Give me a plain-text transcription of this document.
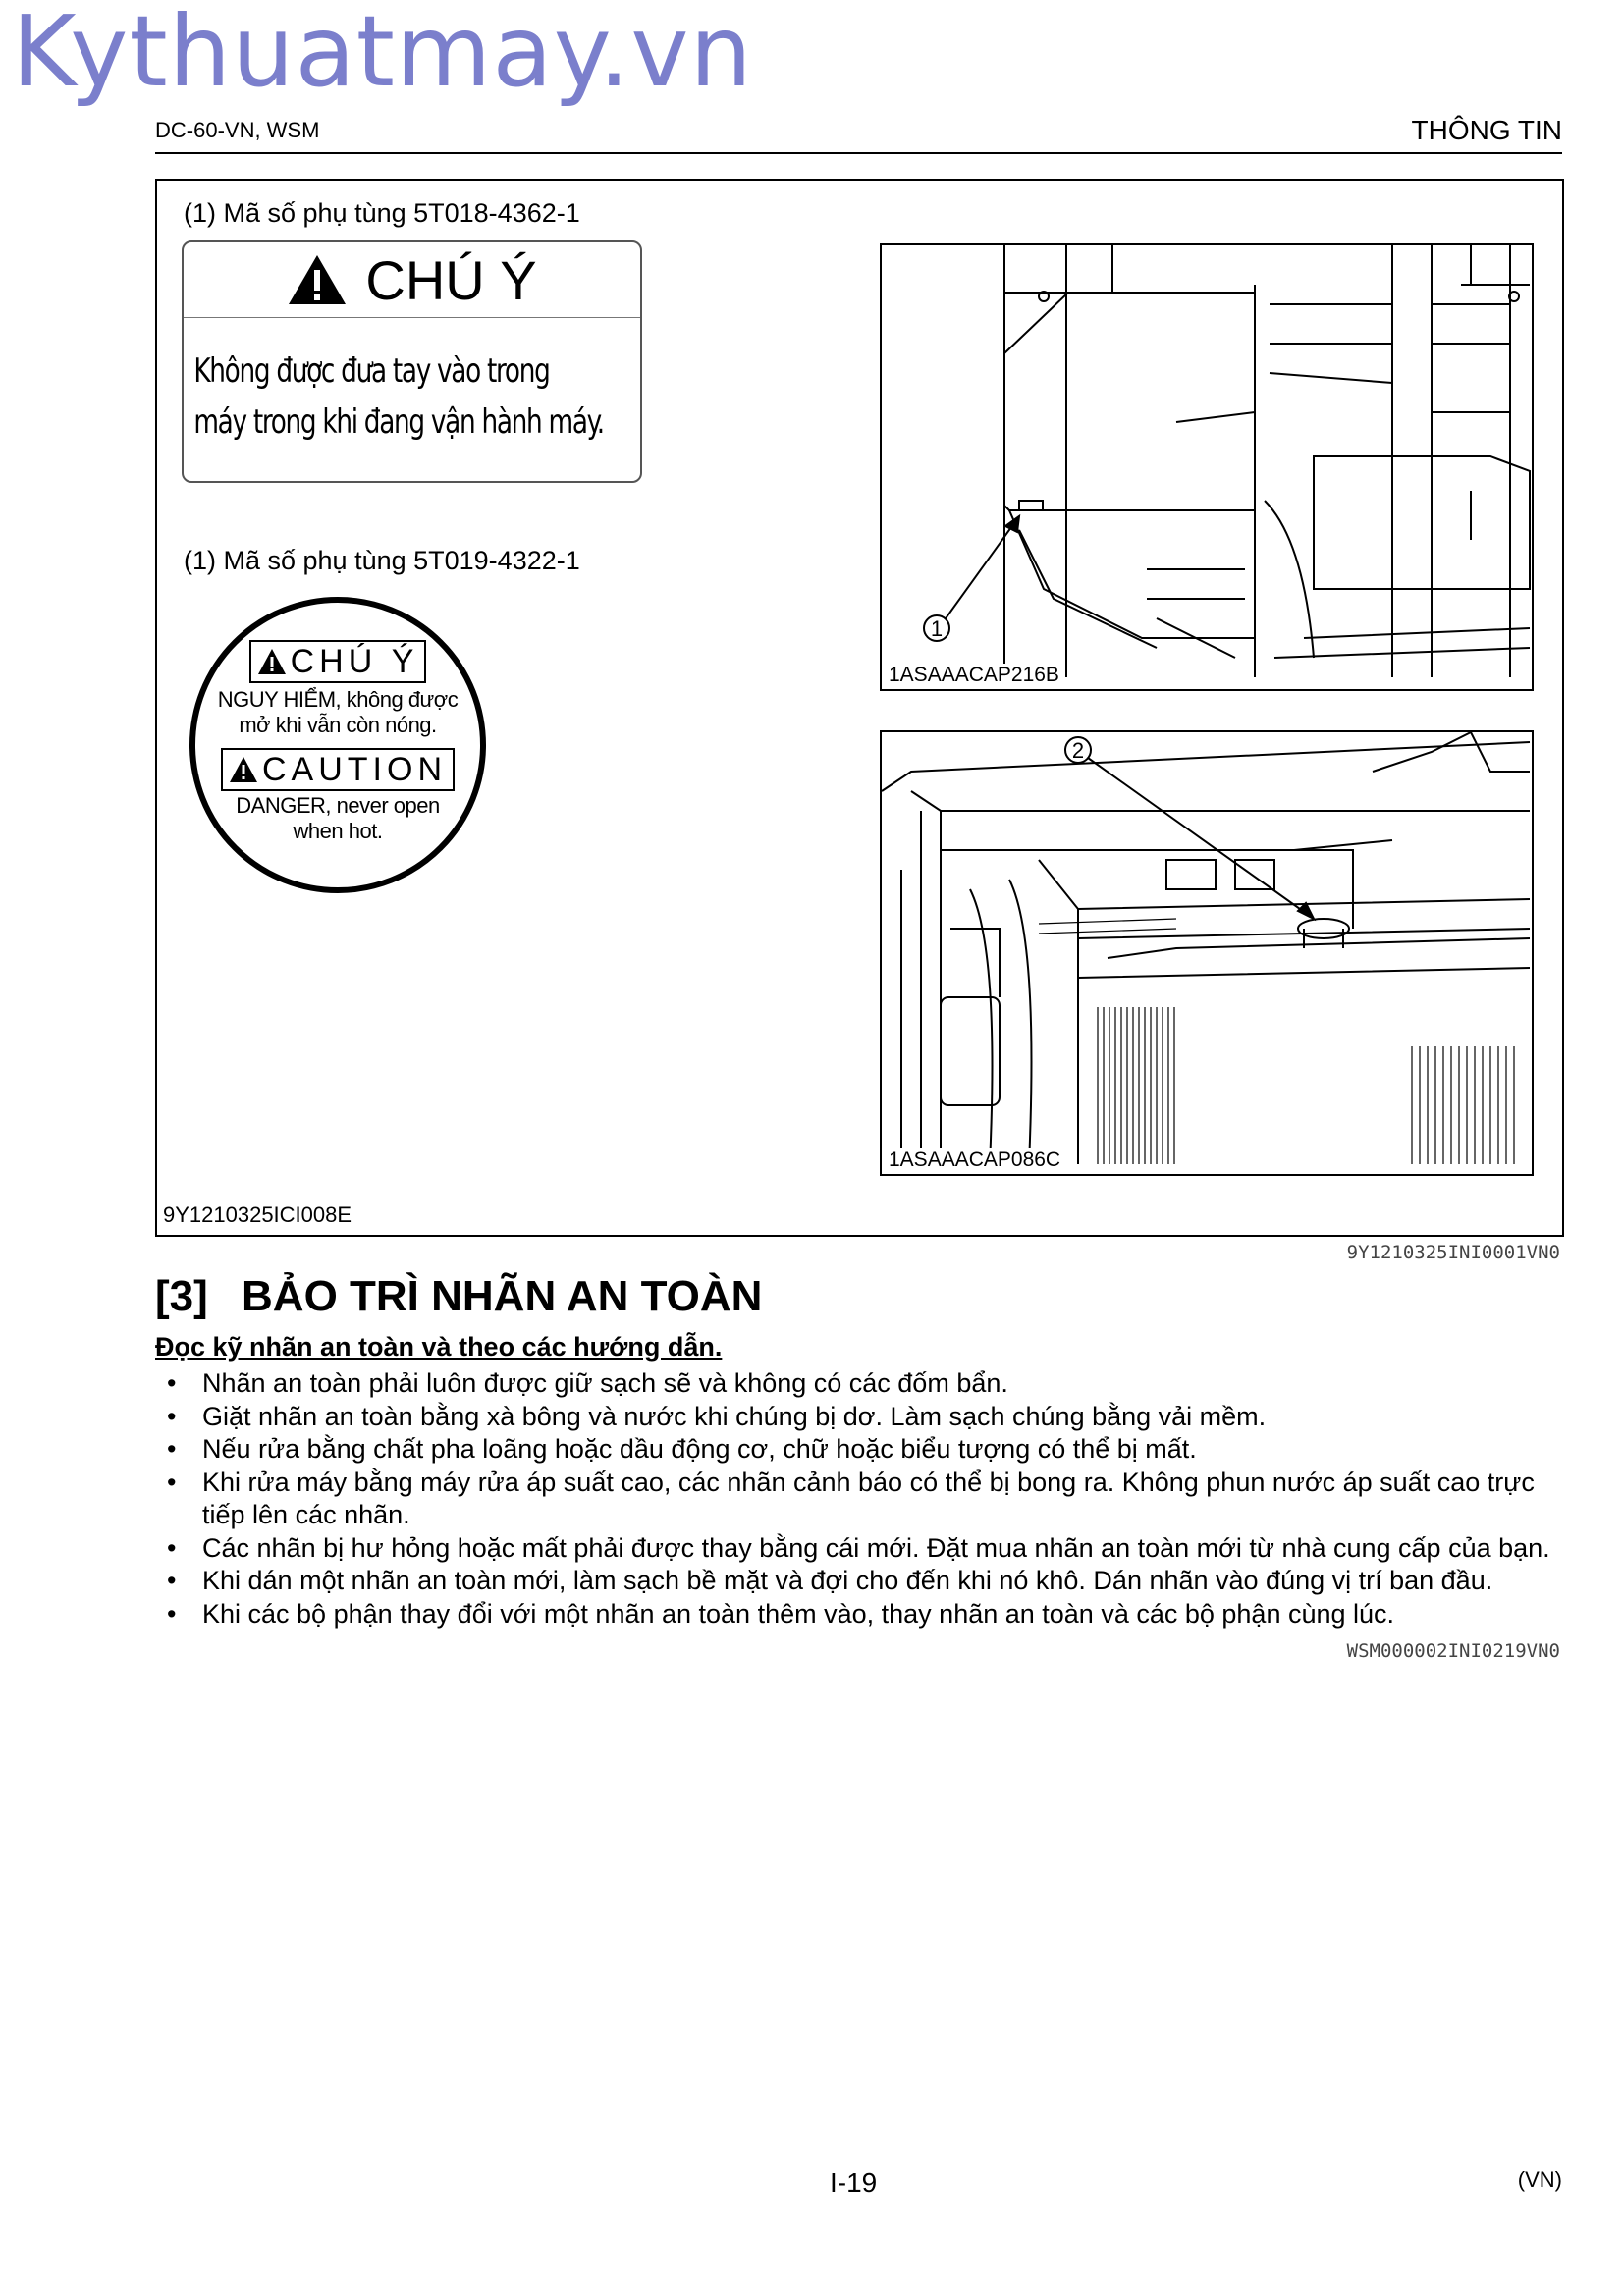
Kythuatmay.vn
DC-60-VN, WSM	THÔNG TIN
(1) Mã số phụ tùng 5T018-4362-1
CHÚ Ý
Không được đưa tay vào trong
máy trong khi đang vận hành máy.
(1) Mã số phụ tùng 5T019-4322-1
CHÚ Ý
NGUY HIỂM, không được
mở khi vẫn còn nóng.
CAUTION
DANGER, never open
when hot.
1
1ASAAACAP216B
2
1ASAAACAP086C
9Y1210325ICI008E
9Y1210325INI0001VN0
[3] BẢO TRÌ NHÃN AN TOÀN
Đọc kỹ nhãn an toàn và theo các hướng dẫn.
• Nhãn an toàn phải luôn được giữ sạch sẽ và không có các đốm bẩn.
• Giặt nhãn an toàn bằng xà bông và nước khi chúng bị dơ. Làm sạch chúng bằng vải mềm.
• Nếu rửa bằng chất pha loãng hoặc dầu động cơ, chữ hoặc biểu tượng có thể bị mất.
• Khi rửa máy bằng máy rửa áp suất cao, các nhãn cảnh báo có thể bị bong ra. Không phun nước áp suất cao trực tiếp lên các nhãn.
• Các nhãn bị hư hỏng hoặc mất phải được thay bằng cái mới. Đặt mua nhãn an toàn mới từ nhà cung cấp của bạn.
• Khi dán một nhãn an toàn mới, làm sạch bề mặt và đợi cho đến khi nó khô. Dán nhãn vào đúng vị trí ban đầu.
• Khi các bộ phận thay đổi với một nhãn an toàn thêm vào, thay nhãn an toàn và các bộ phận cùng lúc.
WSM000002INI0219VN0
I-19	(VN)
